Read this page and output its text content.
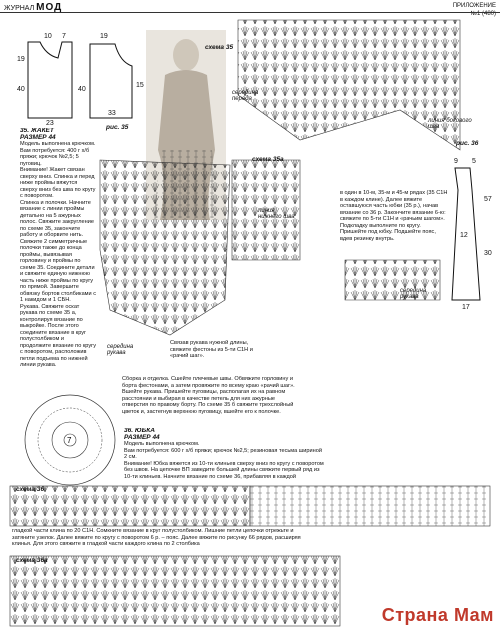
ЖУРНАЛ МОД	ПРИЛОЖЕНИЕ
№1 (480)
7
10 7	19
19
40	40
15
23
33
рис. 35
9 5
57
12
30
17
рис. 36
схема 35
схема 35а
схема 36
схема 36а
середина переда
линия бокового шва
линия нижнего шва
середина рукава
середина рукава
35. ЖАКЕТ
РАЗМЕР 44
Модель выполнена крючком.
Вам потребуется: 400 г х/б пряжи; крючок №2,5; 5 пуговиц.
Внимание! Жакет связан сверху вниз. Спинка и перед ниже проймы вяжутся сверху вниз без шва по кругу с поворотом.
Спинка и полочки. Начните вязание с линии проймы детально на 5 ажурных полос. Свяжите закругление по схеме 35, закончите работу и оборвите нить. Свяжите 2 симметричные полочки также до конца проймы, вывязывая горловину и проймы по схеме 35. Соедините детали и свяжите единую нижнюю часть ниже проймы по кругу по прямой. Завершите обвязку бортов столбиками с 1 накидом и 1 СБН.
Рукава. Свяжите оскат рукава по схеме 35 а, контролируя вязание по выкройке. После этого соедините вязание в круг полустолбиком и продолжите вязание по кругу с поворотом, расположив петли подъема по нижней линии рукава.
в один в 10-м, 35-м и 45-м рядах (35 С1Н в каждом клине). Далее вяжите оставшуюся часть юбки (35 р.), начав вязание со 36 р. Закончите вязание 6-ю: свяжите по 5-ти С1Н и «рачьим шагом». Подкладку выполните по кругу. Пришейте под юбку. Подшейте пояс, вдев резинку внутрь.
Связав рукава нужной длины, свяжите фестоны из 5-ти С1Н и «рачий шаг».
Сборка и отделка. Сшейте плечевые швы. Обвяжите горловину и борта фестонами, а затем провяжите по всему краю «рачий шаг». Вшейте рукава. Пришейте пуговицы, располагая их на равном расстоянии и выбирая в качестве петель для них ажурные отверстия по правому борту. По схеме 35 б свяжите трехслойный цветок и, застегнув верхнюю пуговицу, вшейте его к полочке.
36. ЮБКА
РАЗМЕР 44
Модель выполнена крючком.
Вам потребуется: 600 г х/б пряжи; крючок №2,5; резиновая тесьма шириной 2 см.
Внимание! Юбка вяжется из 10-ти клиньев сверху вниз по кругу с поворотом без швов. На цепочке ВП заведите большей длины свяжите первый ряд из 10-ти клиньев. Начните вязание по схеме 36, прибавляя в каждой
гладкой части клина по 20 С1Н. Сомкните вязание в круг полустолбиком. Лишние петли цепочки отрежьте и затяните узелок. Далее вяжите по кругу с поворотом 6 р. – пояс. Далее вяжите по рисунку 66 рядов, расширяя клинья. Для этого свяжите в гладкой части каждого клина по 2 столбика
Страна Мам
